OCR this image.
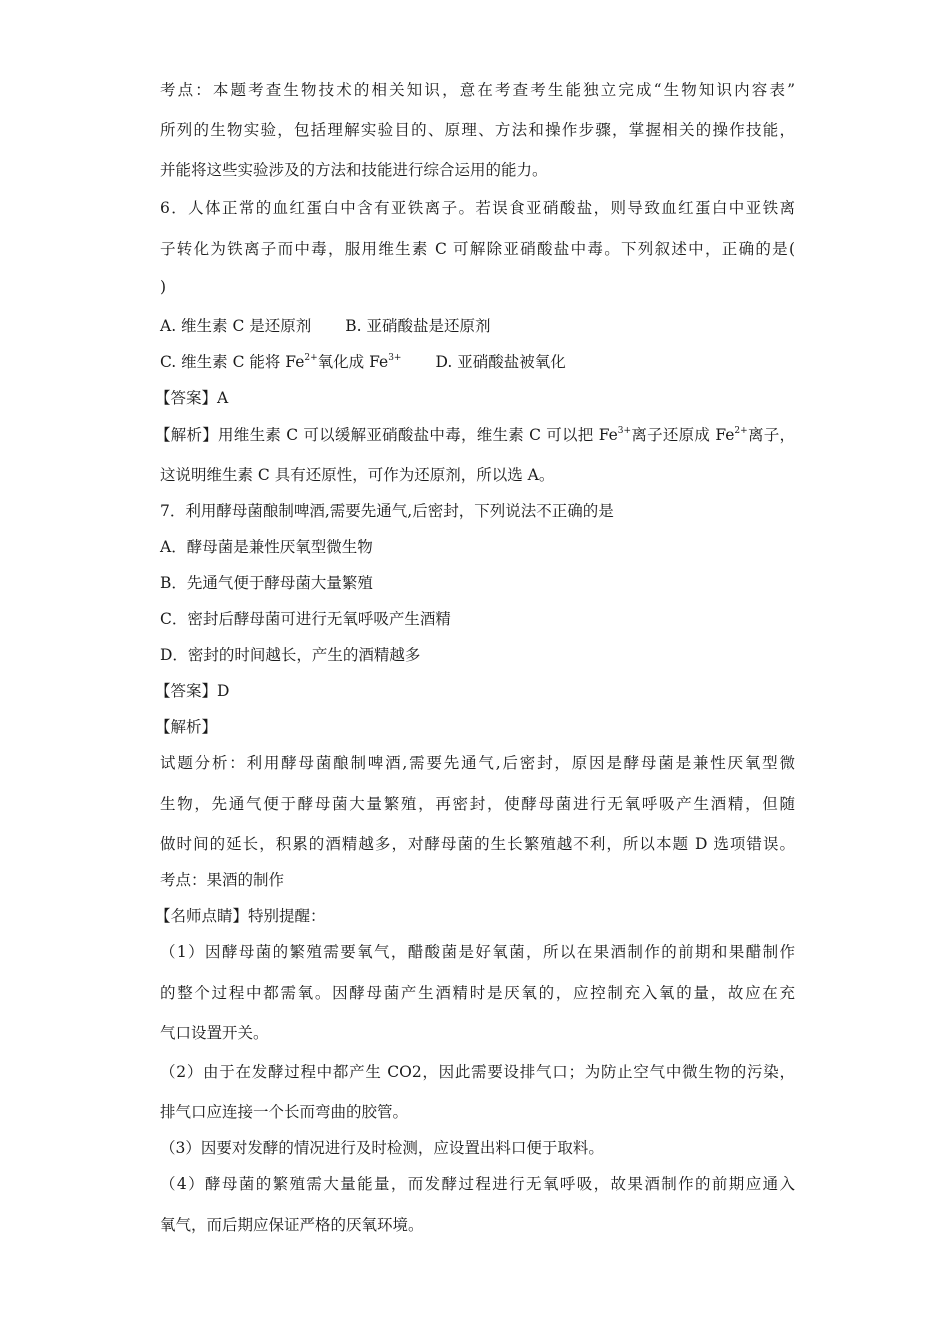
考点：本题考查生物技术的相关知识，意在考查考生能独立完成“生物知识内容表”
所列的生物实验，包括理解实验目的、原理、方法和操作步骤，掌握相关的操作技能，
并能将这些实验涉及的方法和技能进行综合运用的能力。
6．人体正常的血红蛋白中含有亚铁离子。若误食亚硝酸盐，则导致血红蛋白中亚铁离
子转化为铁离子而中毒，服用维生素 C 可解除亚硝酸盐中毒。下列叙述中，正确的是(
)
A. 维生素 C 是还原剂 B. 亚硝酸盐是还原剂
C. 维生素 C 能将 $Fe^{2+}$氧化成 $Fe^{3+}$ D. 亚硝酸盐被氧化
【答案】A
【解析】用维生素 C 可以缓解亚硝酸盐中毒，维生素 C 可以把 $Fe^{3+}$离子还原成 $Fe^{2+}$离子，
这说明维生素 C 具有还原性，可作为还原剂，所以选 A。
7．利用酵母菌酿制啤酒,需要先通气,后密封，下列说法不正确的是
A．酵母菌是兼性厌氧型微生物
B．先通气便于酵母菌大量繁殖
C．密封后酵母菌可进行无氧呼吸产生酒精
D．密封的时间越长，产生的酒精越多
【答案】D
【解析】
试题分析：利用酵母菌酿制啤酒,需要先通气,后密封，原因是酵母菌是兼性厌氧型微
生物，先通气便于酵母菌大量繁殖，再密封，使酵母菌进行无氧呼吸产生酒精，但随
做时间的延长，积累的酒精越多，对酵母菌的生长繁殖越不利，所以本题 D 选项错误。
考点：果酒的制作
【名师点睛】特别提醒：
（1）因酵母菌的繁殖需要氧气，醋酸菌是好氧菌，所以在果酒制作的前期和果醋制作
的整个过程中都需氧。因酵母菌产生酒精时是厌氧的，应控制充入氧的量，故应在充
气口设置开关。
（2）由于在发酵过程中都产生 CO2，因此需要设排气口；为防止空气中微生物的污染，
排气口应连接一个长而弯曲的胶管。
（3）因要对发酵的情况进行及时检测，应设置出料口便于取料。
（4）酵母菌的繁殖需大量能量，而发酵过程进行无氧呼吸，故果酒制作的前期应通入
氧气，而后期应保证严格的厌氧环境。
